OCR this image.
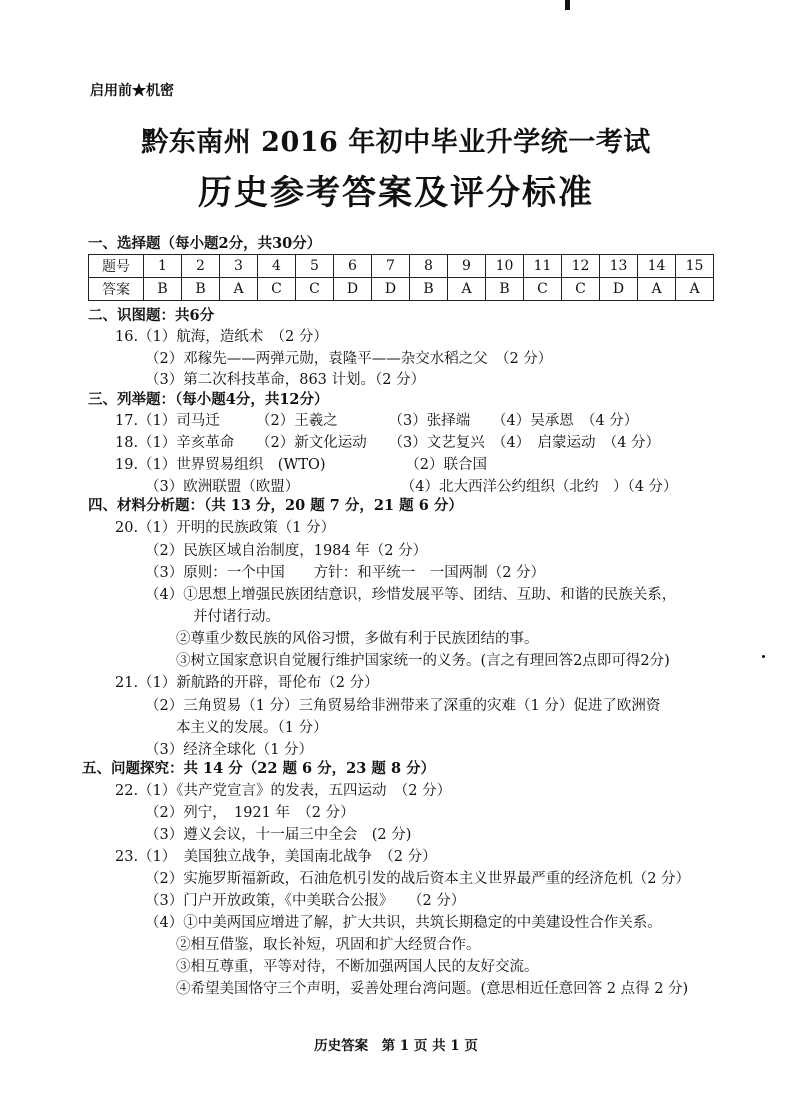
启用前★机密
黔东南州 2016 年初中毕业升学统一考试
历史参考答案及评分标准
一、选择题（每小题2分，共30分）
题号	1	2	3	4	5	6	7	8	9	10	11	12	13	14	15
答案	B	B	A	C	C	D	D	B	A	B	C	C	D	A	A
二、识图题：共6分
16.（1）航海，造纸术　（2 分）
（2）邓稼先——两弹元勋，袁隆平——杂交水稻之父　（2 分）
（3）第二次科技革命，863 计划。（2 分）
三、列举题：（每小题4分，共12分）
17.（1）司马迁　　　（2）王羲之　　　　（3）张择端　　（4）吴承恩　（4 分）
18.（1）辛亥革命　　（2）新文化运动　　（3）文艺复兴　（4）　启蒙运动　（4 分）
19.（1）世界贸易组织　(WTO)　　　　　　（2）联合国
（3）欧洲联盟（欧盟）　　　　　　　　（4）北大西洋公约组织（北约　）（4 分）
四、材料分析题：（共 13 分，20 题 7 分，21 题 6 分）
20.（1）开明的民族政策（1 分）
（2）民族区域自治制度，1984 年（2 分）
（3）原则：一个中国　　方针：和平统一　一国两制（2 分）
（4）①思想上增强民族团结意识，珍惜发展平等、团结、互助、和谐的民族关系，
并付诸行动。
②尊重少数民族的风俗习惯，多做有利于民族团结的事。
③树立国家意识自觉履行维护国家统一的义务。(言之有理回答2点即可得2分)
21.（1）新航路的开辟，哥伦布（2 分）
（2）三角贸易（1 分）三角贸易给非洲带来了深重的灾难（1 分）促进了欧洲资
本主义的发展。（1 分）
（3）经济全球化（1 分）
五、问题探究：共 14 分（22 题 6 分，23 题 8 分）
22.（1）《共产党宣言》的发表，五四运动　（2 分）
（2）列宁，　1921 年　（2 分）
（3）遵义会议，十一届三中全会　(2 分)
23.（1）　美国独立战争，美国南北战争　（2 分）
（2）实施罗斯福新政，石油危机引发的战后资本主义世界最严重的经济危机（2 分）
（3）门户开放政策，《中美联合公报》　　（2 分）
（4）①中美两国应增进了解，扩大共识，共筑长期稳定的中美建设性合作关系。
②相互借鉴，取长补短，巩固和扩大经贸合作。
③相互尊重，平等对待，不断加强两国人民的友好交流。
④希望美国恪守三个声明，妥善处理台湾问题。(意思相近任意回答 2 点得 2 分)
历史答案　第 1 页 共 1 页
